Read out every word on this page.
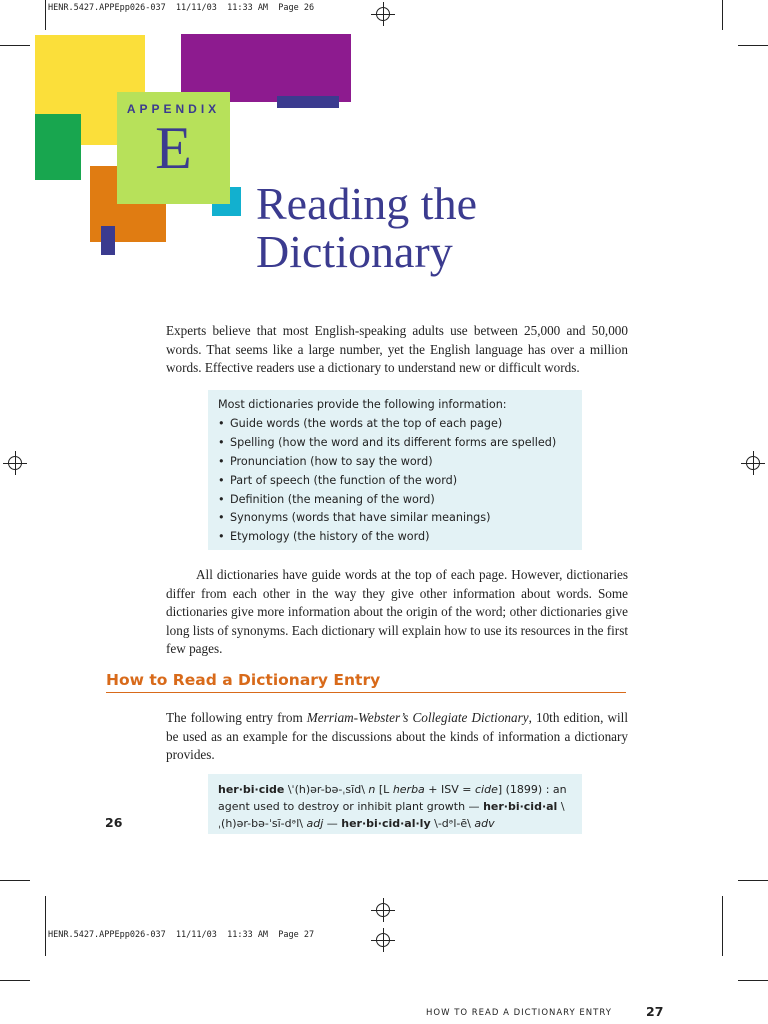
HENR.5427.APPEpp026-037  11/11/03  11:33 AM  Page 26
HENR.5427.APPEpp026-037  11/11/03  11:33 AM  Page 27
APPENDIX
E
Reading the
Dictionary
Experts believe that most English-speaking adults use between 25,000 and 50,000 words. That seems like a large number, yet the English language has over a million words. Effective readers use a dictionary to understand new or difficult words.
Most dictionaries provide the following information:
• Guide words (the words at the top of each page)
• Spelling (how the word and its different forms are spelled)
• Pronunciation (how to say the word)
• Part of speech (the function of the word)
• Definition (the meaning of the word)
• Synonyms (words that have similar meanings)
• Etymology (the history of the word)
All dictionaries have guide words at the top of each page. However, dictionaries differ from each other in the way they give other information about words. Some dictionaries give more information about the origin of the word; other dictionaries give long lists of synonyms. Each dictionary will explain how to use its resources in the first few pages.
How to Read a Dictionary Entry
The following entry from Merriam-Webster’s Collegiate Dictionary, 10th edition, will be used as an example for the discussions about the kinds of information a dictionary provides.
her·bi·cide \ˈ(h)ər-bə-ˌsīd\ n [L herba + ISV = cide] (1899) : an agent used to destroy or inhibit plant growth — her·bi·cid·al \ˌ(h)ər-bə-ˈsī-dᵊl\ adj — her·bi·cid·al·ly \-dᵊl-ē\ adv
26
27
HOW TO READ A DICTIONARY ENTRY
